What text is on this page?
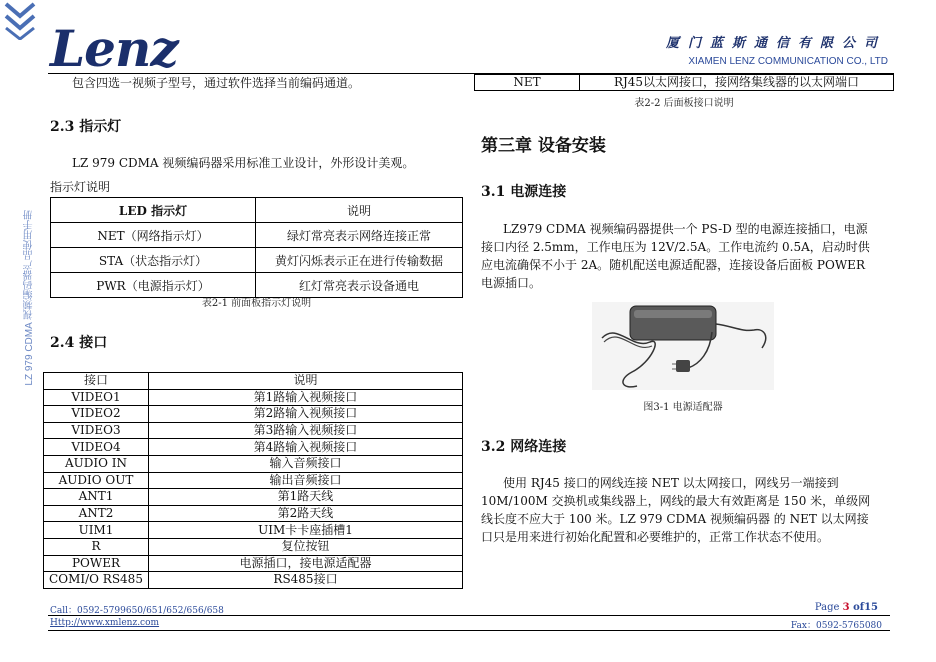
Lenz	厦门蓝斯通信有限公司
XIAMEN LENZ COMMUNICATION CO., LTD
LZ 979 CDMA 视频编码器产品使用手册
包含四选一视频子型号，通过软件选择当前编码通道。
2.3 指示灯
LZ 979 CDMA 视频编码器采用标准工业设计，外形设计美观。
指示灯说明
LED 指示灯	说明
NET（网络指示灯）	绿灯常亮表示网络连接正常
STA（状态指示灯）	黄灯闪烁表示正在进行传输数据
PWR（电源指示灯）	红灯常亮表示设备通电
表2-1 前面板指示灯说明
2.4 接口
接口	说明
VIDEO1	第1路输入视频接口
VIDEO2	第2路输入视频接口
VIDEO3	第3路输入视频接口
VIDEO4	第4路输入视频接口
AUDIO IN	输入音频接口
AUDIO OUT	输出音频接口
ANT1	第1路天线
ANT2	第2路天线
UIM1	UIM卡卡座插槽1
R	复位按钮
POWER	电源插口，接电源适配器
COMI/O RS485	RS485接口
NET	RJ45以太网接口，接网络集线器的以太网端口
表2-2 后面板接口说明
第三章 设备安装
3.1 电源连接
LZ979 CDMA 视频编码器提供一个 PS-D 型的电源连接插口，电源
接口内径 2.5mm，工作电压为 12V/2.5A。工作电流约 0.5A，启动时供
应电流确保不小于 2A。随机配送电源适配器，连接设备后面板 POWER
电源插口。
图3-1 电源适配器
3.2 网络连接
使用 RJ45 接口的网线连接 NET 以太网接口，网线另一端接到
10M/100M 交换机或集线器上，网线的最大有效距离是 150 米，单级网
线长度不应大于 100 米。LZ 979 CDMA 视频编码器 的 NET 以太网接
口只是用来进行初始化配置和必要维护的，正常工作状态不使用。
Call：0592-5799650/651/652/656/658	Page 3 of15
Http://www.xmlenz.com	Fax：0592-5765080
